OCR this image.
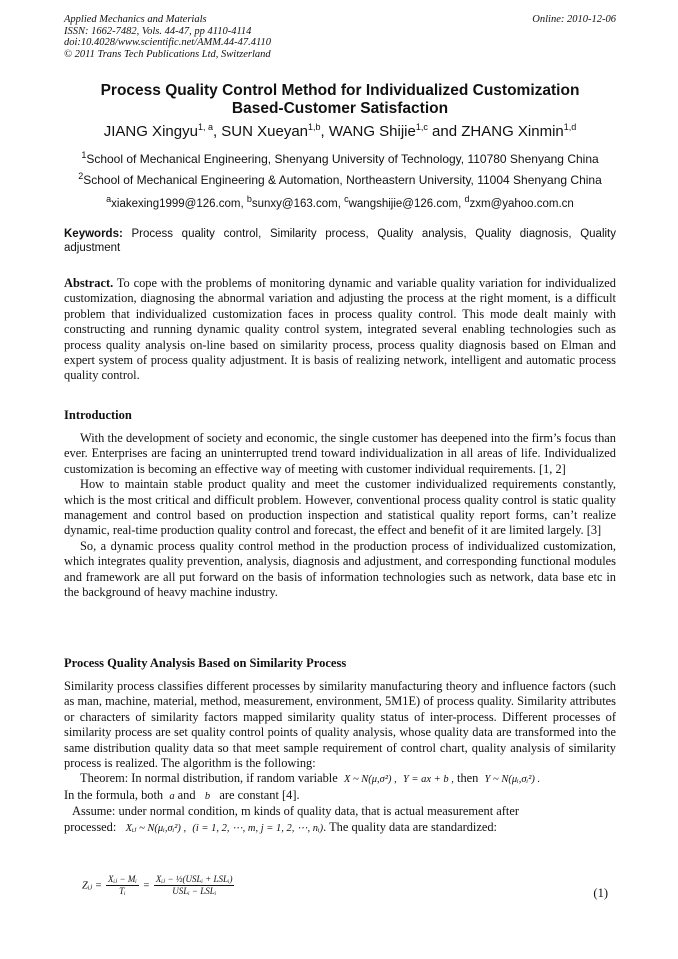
Applied Mechanics and Materials
ISSN: 1662-7482, Vols. 44-47, pp 4110-4114
doi:10.4028/www.scientific.net/AMM.44-47.4110
© 2011 Trans Tech Publications Ltd, Switzerland
Online: 2010-12-06
Process Quality Control Method for Individualized Customization
Based-Customer Satisfaction
JIANG Xingyu$^{1, a}$, SUN Xueyan$^{1,b}$, WANG Shijie$^{1,c}$ and ZHANG Xinmin$^{1,d}$
$^1$School of Mechanical Engineering, Shenyang University of Technology, 110780 Shenyang China
$^2$School of Mechanical Engineering & Automation, Northeastern University, 11004 Shenyang China
$^a$xiakexing1999@126.com, $^b$sunxy@163.com, $^c$wangshijie@126.com, $^d$zxm@yahoo.com.cn
Keywords: Process quality control, Similarity process, Quality analysis, Quality diagnosis, Quality adjustment

Abstract. To cope with the problems of monitoring dynamic and variable quality variation for individualized customization, diagnosing the abnormal variation and adjusting the process at the right moment, is a difficult problem that individualized customization faces in process quality control. This mode dealt mainly with constructing and running dynamic quality control system, integrated several enabling technologies such as process quality analysis on-line based on similarity process, process quality diagnosis based on Elman and expert system of process quality adjustment. It is basis of realizing network, intelligent and automatic process quality control.

Introduction

With the development of society and economic, the single customer has deepened into the firm’s focus than ever. Enterprises are facing an uninterrupted trend toward individualization in all areas of life. Individualized customization is becoming an effective way of meeting with customer individual requirements. [1, 2]

How to maintain stable product quality and meet the customer individualized requirements constantly, which is the most critical and difficult problem. However, conventional process quality control is static quality management and control based on production inspection and statistical quality report forms, can’t realize dynamic, real-time production quality control and forecast, the effect and benefit of it are limited largely. [3]

So, a dynamic process quality control method in the production process of individualized customization, which integrates quality prevention, analysis, diagnosis and adjustment, and corresponding functional modules and framework are all put forward on the basis of information technologies such as network, data base etc in the background of heavy machine industry.

Process Quality Analysis Based on Similarity Process

Similarity process classifies different processes by similarity manufacturing theory and influence factors (such as man, machine, material, method, measurement, environment, 5M1E) of process quality. Similarity attributes or characters of similarity factors mapped similarity quality status of inter-process. Different processes of similarity process are set quality control points of quality analysis, whose quality data are transformed into the same distribution quality data so that meet sample requirement of control chart, quality analysis of similarity process is realized. The algorithm is the following:

Theorem: In normal distribution, if random variable X ~ N(μ,σ²) , Y = ax + b , then Y ~ N(μᵢ,σᵢ²) .

In the formula, both a and b are constant [4].

Assume: under normal condition, m kinds of quality data, that is actual measurement after

processed: Xᵢⱼ ~ N(μᵢ,σᵢ²) , (i = 1, 2, ⋯, m, j = 1, 2, ⋯, nᵢ). The quality data are standardized:

Zᵢⱼ = $\frac{\text{Xᵢⱼ − Mᵢ}}{\text{Tᵢ}} = \frac{\text{Xᵢⱼ − ½(USLᵢ + LSLᵢ)}}{\text{USLᵢ − LSLᵢ}}$	(1)
